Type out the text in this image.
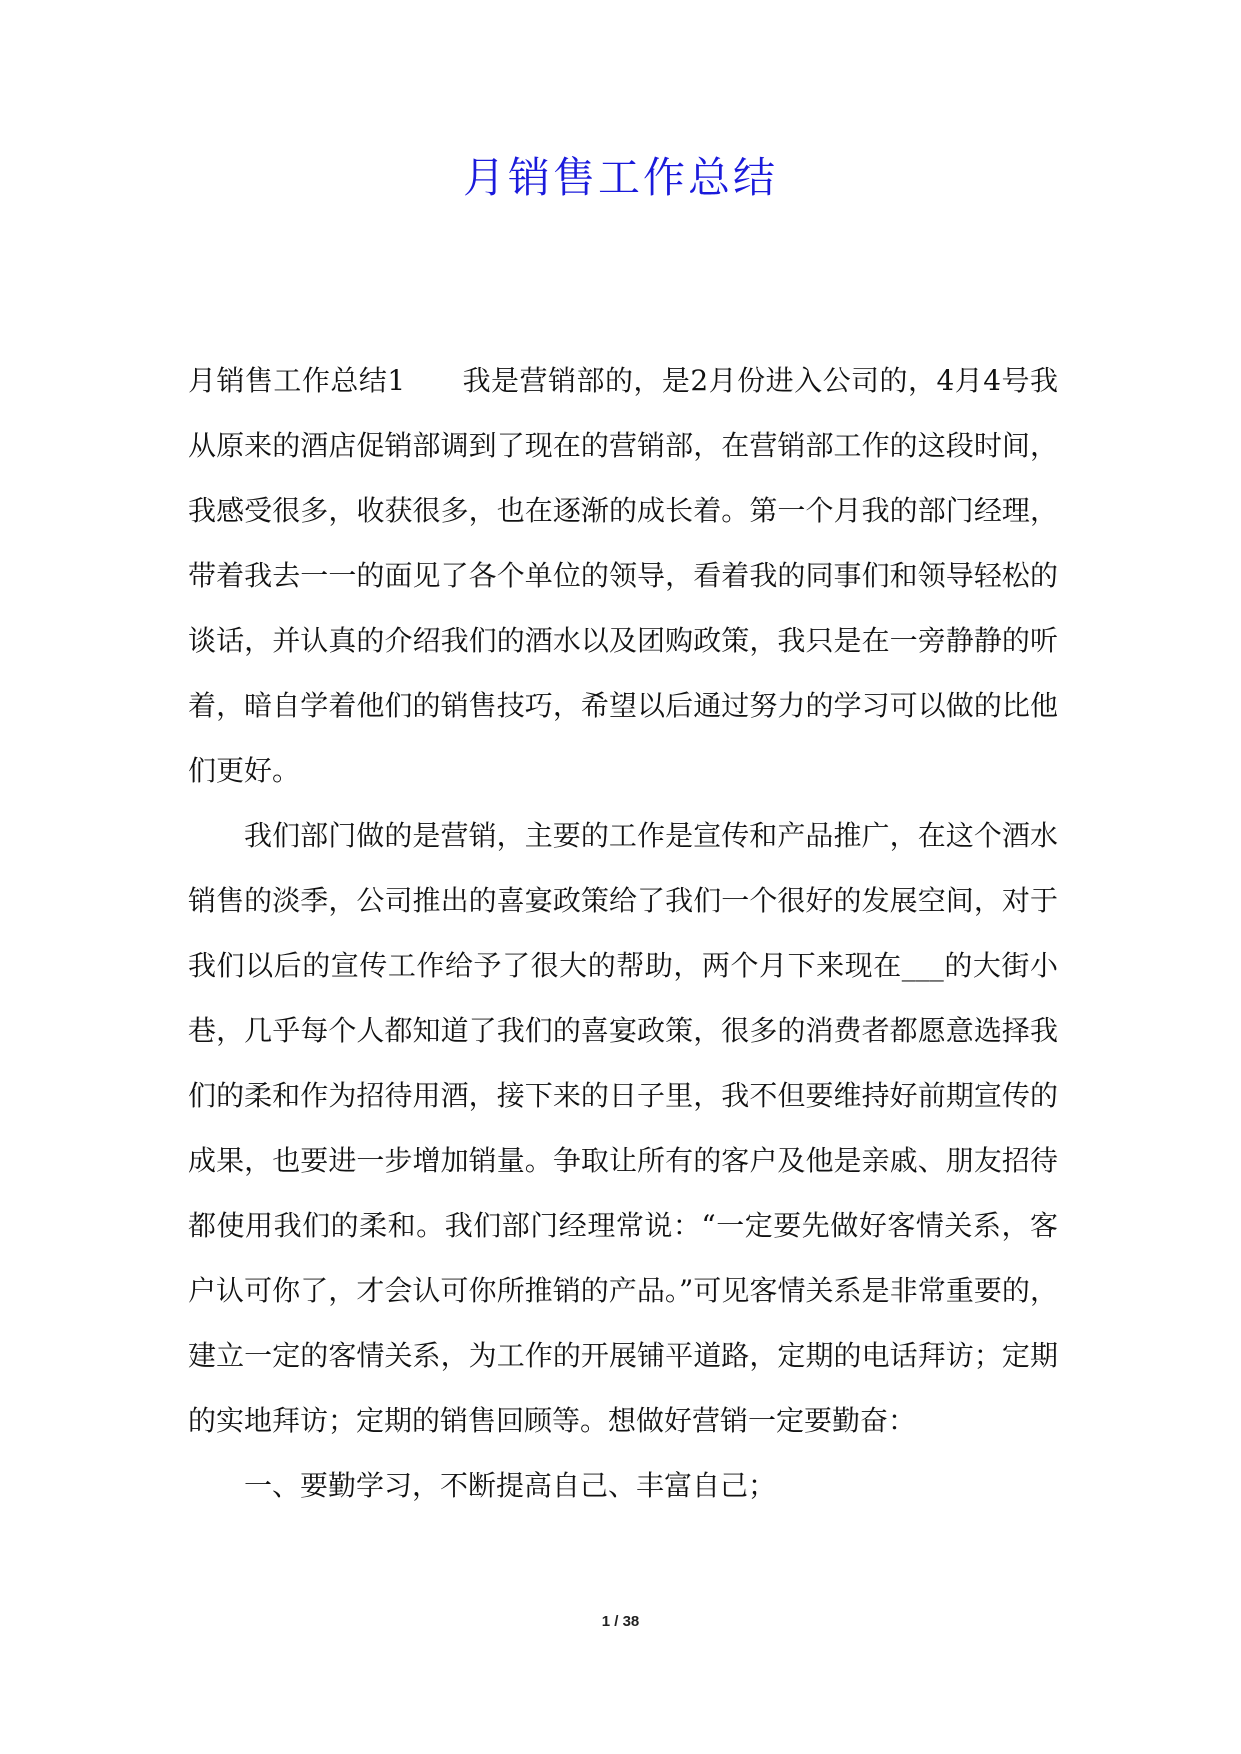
月销售工作总结

月销售工作总结1　　我是营销部的，是2月份进入公司的，4月4号我从原来的酒店促销部调到了现在的营销部，在营销部工作的这段时间，我感受很多，收获很多，也在逐渐的成长着。第一个月我的部门经理，带着我去一一的面见了各个单位的领导，看着我的同事们和领导轻松的谈话，并认真的介绍我们的酒水以及团购政策，我只是在一旁静静的听着，暗自学着他们的销售技巧，希望以后通过努力的学习可以做的比他们更好。

我们部门做的是营销，主要的工作是宣传和产品推广，在这个酒水销售的淡季，公司推出的喜宴政策给了我们一个很好的发展空间，对于我们以后的宣传工作给予了很大的帮助，两个月下来现在___的大街小巷，几乎每个人都知道了我们的喜宴政策，很多的消费者都愿意选择我们的柔和作为招待用酒，接下来的日子里，我不但要维持好前期宣传的成果，也要进一步增加销量。争取让所有的客户及他是亲戚、朋友招待都使用我们的柔和。我们部门经理常说：“一定要先做好客情关系，客户认可你了，才会认可你所推销的产品。”可见客情关系是非常重要的，建立一定的客情关系，为工作的开展铺平道路，定期的电话拜访；定期的实地拜访；定期的销售回顾等。想做好营销一定要勤奋：

一、要勤学习，不断提高自己、丰富自己；

1 / 38
